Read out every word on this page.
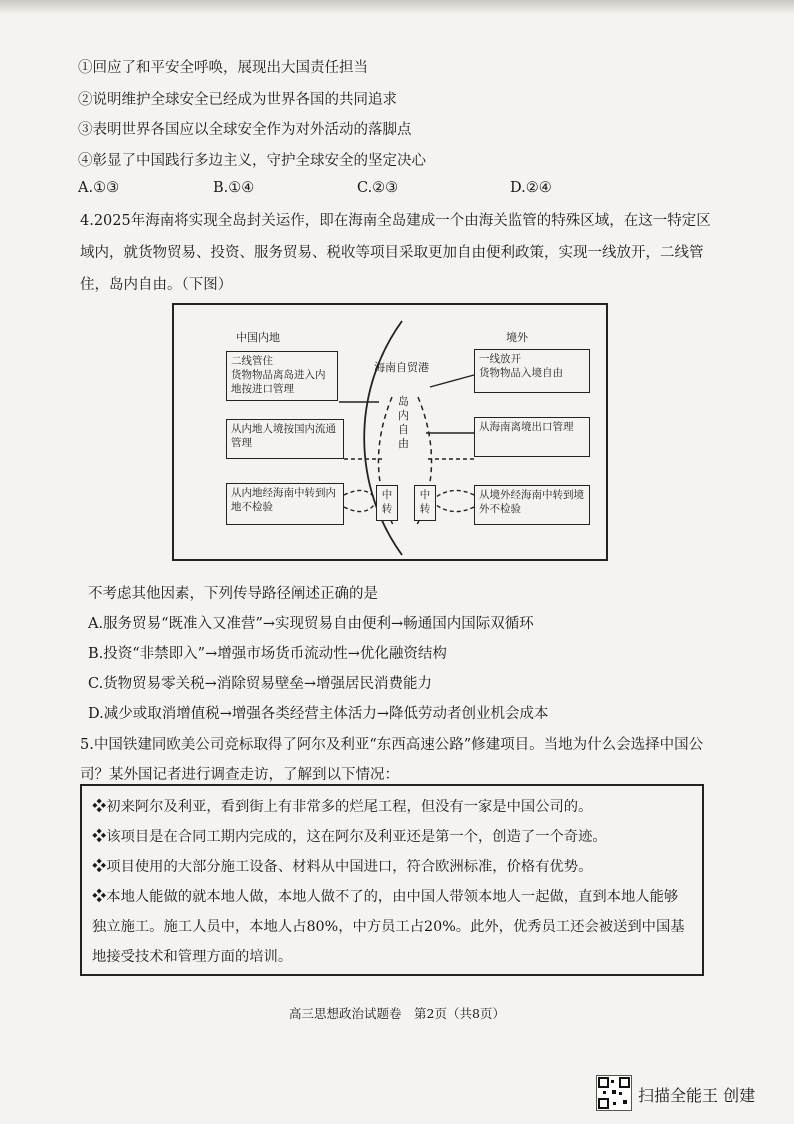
①回应了和平安全呼唤，展现出大国责任担当
②说明维护全球安全已经成为世界各国的共同追求
③表明世界各国应以全球安全作为对外活动的落脚点
④彰显了中国践行多边主义，守护全球安全的坚定决心
A.①③	B.①④	C.②③	D.②④
4.2025年海南将实现全岛封关运作，即在海南全岛建成一个由海关监管的特殊区域，在这一特定区域内，就货物贸易、投资、服务贸易、税收等项目采取更加自由便利政策，实现一线放开，二线管住，岛内自由。（下图）
中国内地	境外
海南自贸港
岛内自由
二线管住
货物物品离岛进入内地按进口管理
从内地人境按国内流通管理
从内地经海南中转到内地不检验
一线放开
货物物品入境自由
从海南离境出口管理
从境外经海南中转到境外不检验
中转
中转
不考虑其他因素，下列传导路径阐述正确的是
A.服务贸易“既准入又准营”→实现贸易自由便利→畅通国内国际双循环
B.投资“非禁即入”→增强市场货币流动性→优化融资结构
C.货物贸易零关税→消除贸易壁垒→增强居民消费能力
D.减少或取消增值税→增强各类经营主体活力→降低劳动者创业机会成本
5.中国铁建同欧美公司竞标取得了阿尔及利亚“东西高速公路”修建项目。当地为什么会选择中国公司？某外国记者进行调查走访，了解到以下情况：

❖初来阿尔及利亚，看到街上有非常多的烂尾工程，但没有一家是中国公司的。

❖该项目是在合同工期内完成的，这在阿尔及利亚还是第一个，创造了一个奇迹。

❖项目使用的大部分施工设备、材料从中国进口，符合欧洲标准，价格有优势。

❖本地人能做的就本地人做，本地人做不了的，由中国人带领本地人一起做，直到本地人能够独立施工。施工人员中，本地人占80%，中方员工占20%。此外，优秀员工还会被送到中国基地接受技术和管理方面的培训。

高三思想政治试题卷　第2页（共8页）
扫描全能王 创建
